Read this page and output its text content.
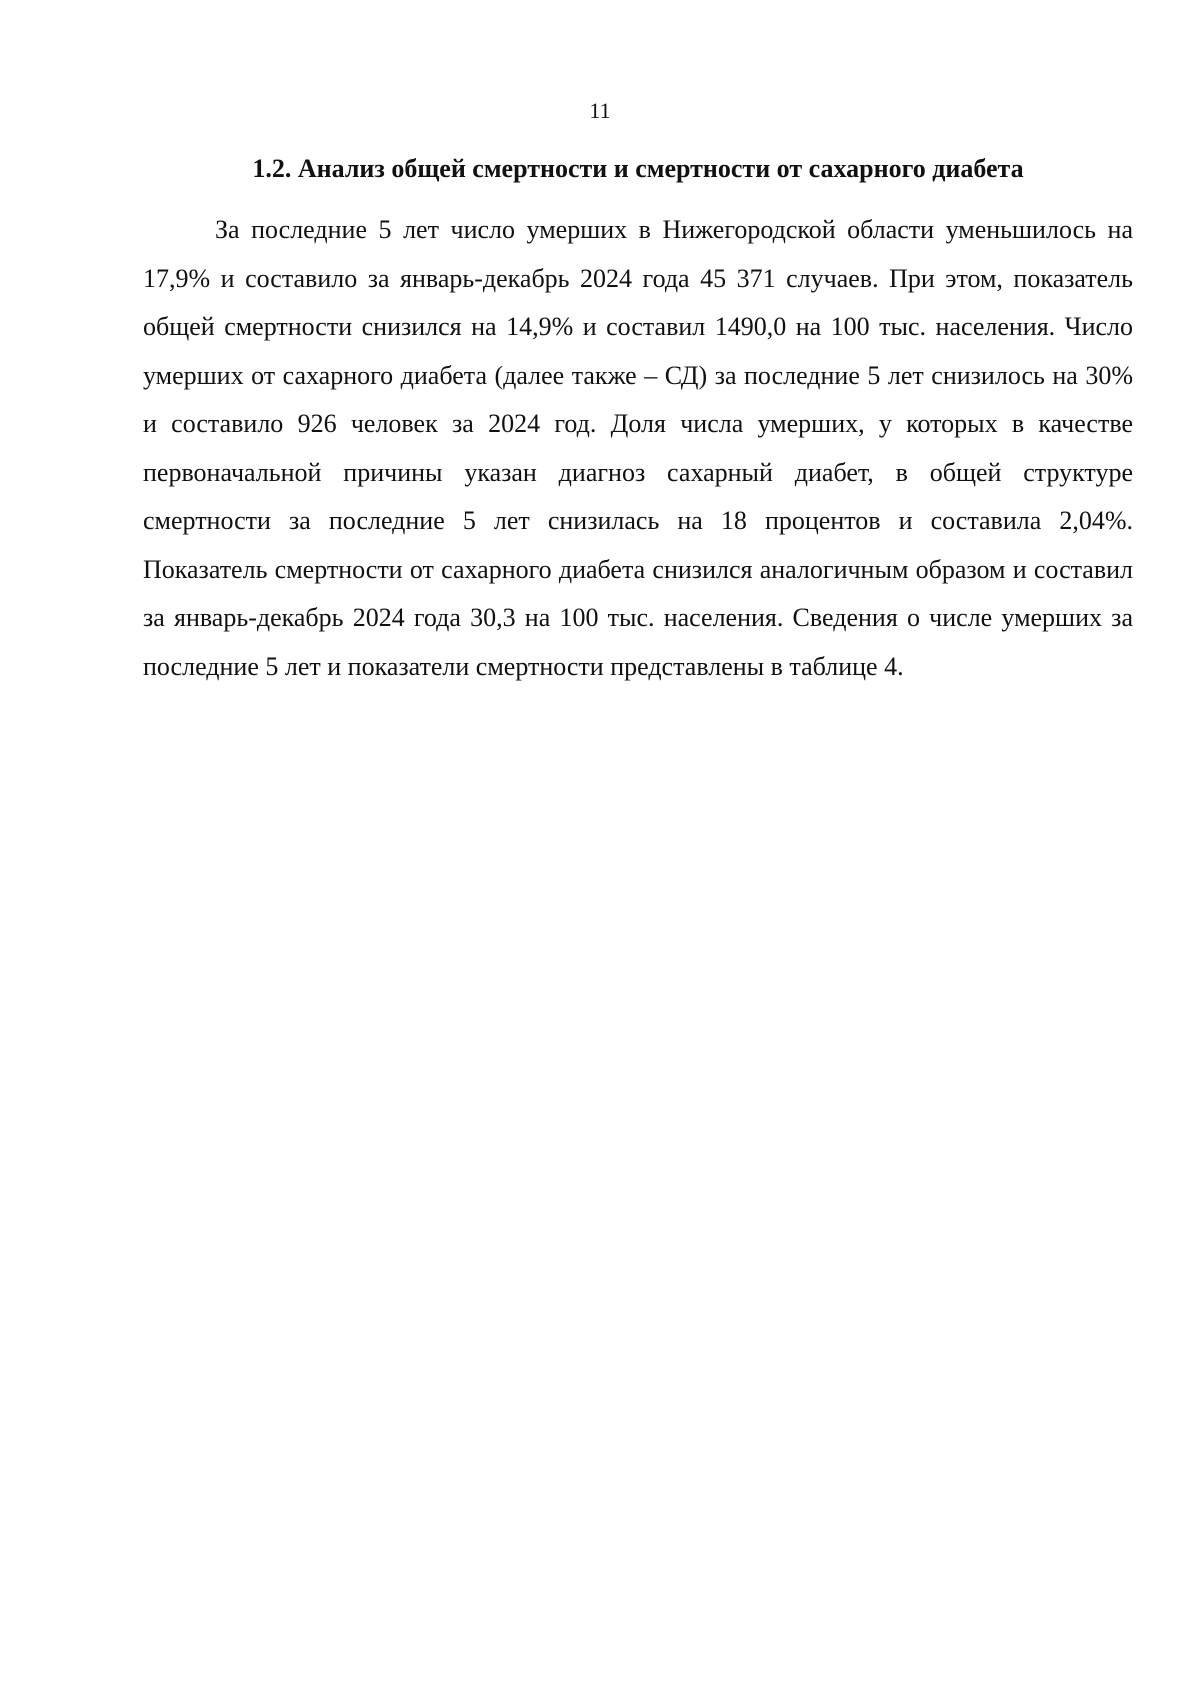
11
1.2. Анализ общей смертности и смертности от сахарного диабета

За последние 5 лет число умерших в Нижегородской области уменьшилось на 17,9% и составило за январь-декабрь 2024 года 45 371 случаев. При этом, показатель общей смертности снизился на 14,9% и составил 1490,0 на 100 тыс. населения. Число умерших от сахарного диабета (далее также – СД) за последние 5 лет снизилось на 30% и составило 926 человек за 2024 год. Доля числа умерших, у которых в качестве первоначальной причины указан диагноз сахарный диабет, в общей структуре смертности за последние 5 лет снизилась на 18 процентов и составила 2,04%. Показатель смертности от сахарного диабета снизился аналогичным образом и составил за январь-декабрь 2024 года 30,3 на 100 тыс. населения. Сведения о числе умерших за последние 5 лет и показатели смертности представлены в таблице 4.
